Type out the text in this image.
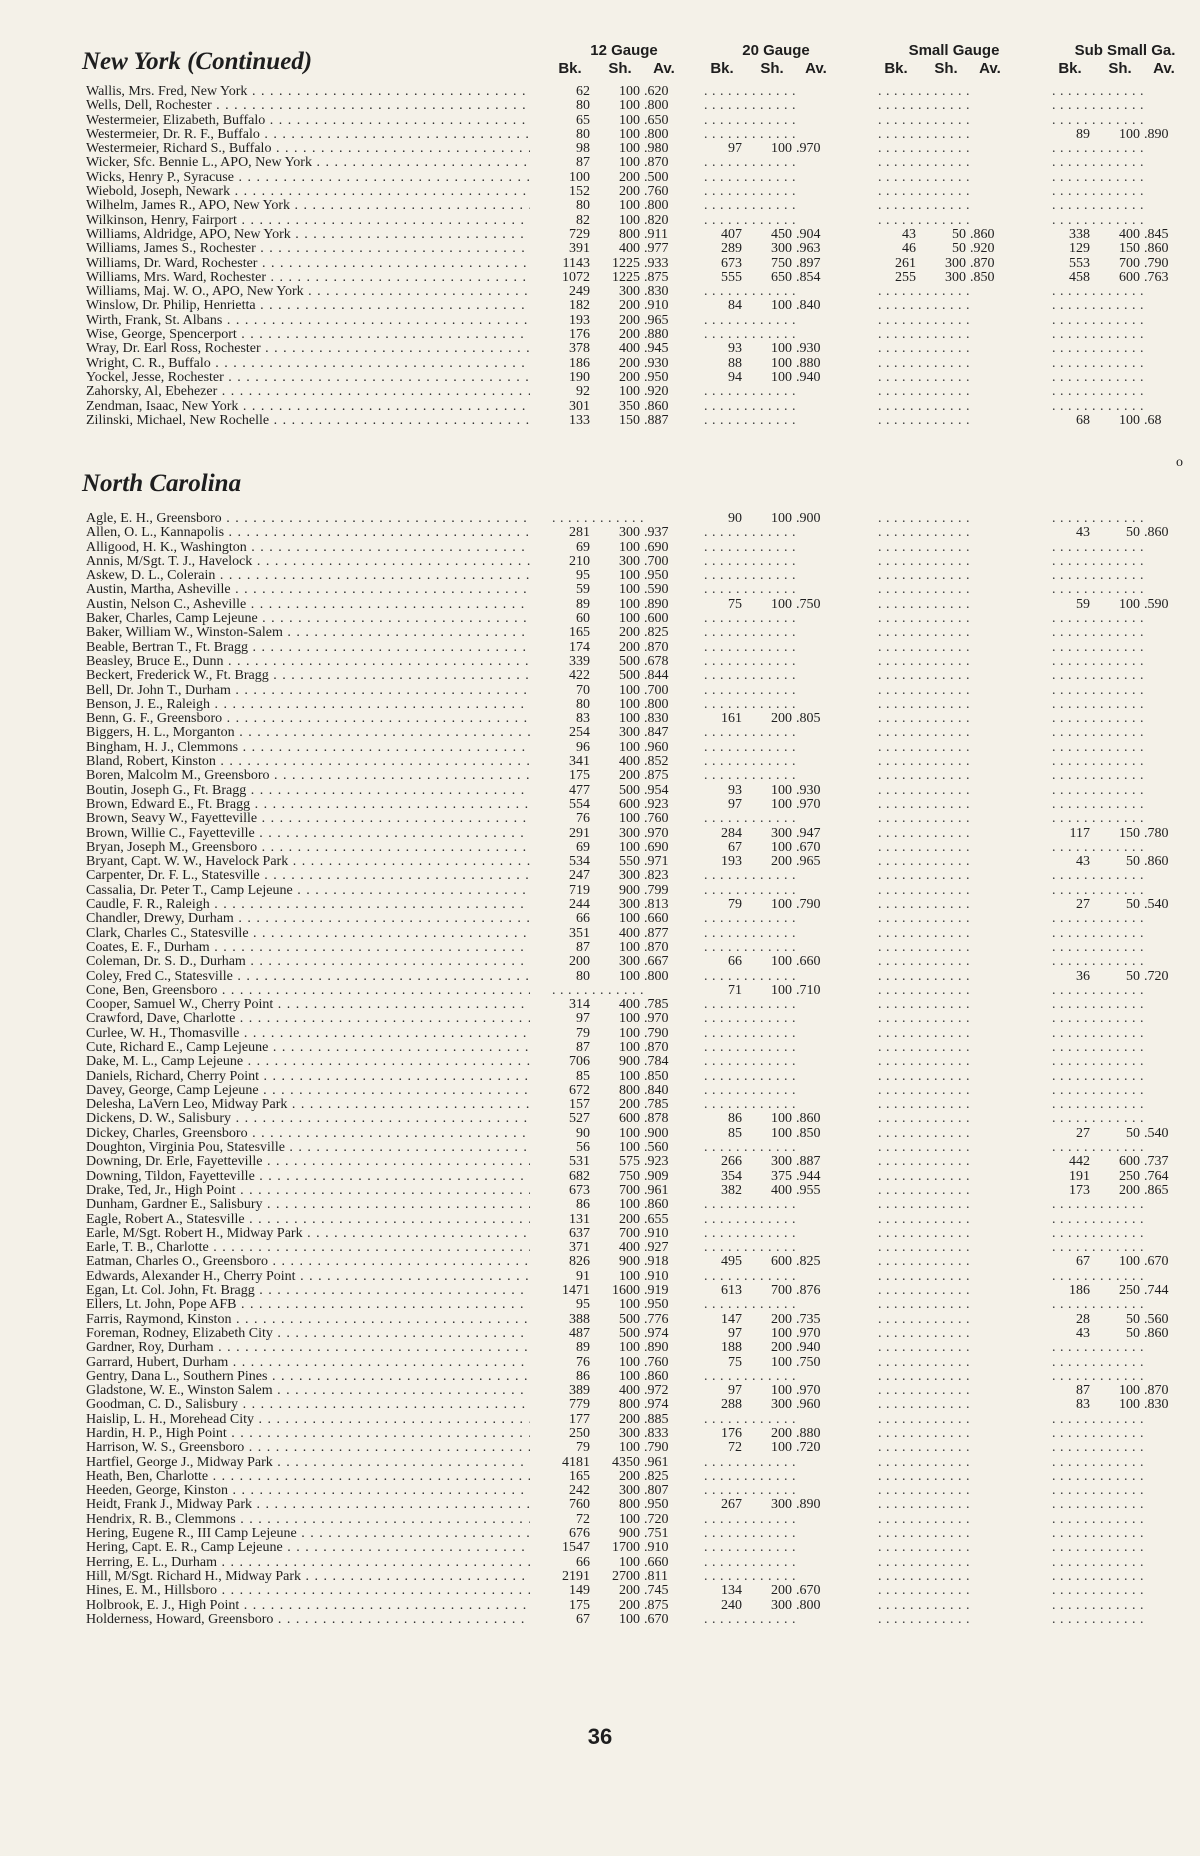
12 Gauge	20 Gauge	Small Gauge	Sub Small Ga.
Bk.	Sh.	Av.	Bk.	Sh.	Av.	Bk.	Sh.	Av.	Bk.	Sh.	Av.
New York (Continued)
Wallis, Mrs. Fred, New York . . .	62	100 .620	. . . . . . . . . . . .	. . . . . . . . . . . .	. . . . . . . . . . . .
Wells, Dell, Rochester . . .	80	100 .800	. . . . . . . . . . . .	. . . . . . . . . . . .	. . . . . . . . . . . .
Westermeier, Elizabeth, Buffalo . . .	65	100 .650	. . . . . . . . . . . .	. . . . . . . . . . . .	. . . . . . . . . . . .
Westermeier, Dr. R. F., Buffalo . . .	80	100 .800	. . . . . . . . . . . .	. . . . . . . . . . . .	89	100 .890
Westermeier, Richard S., Buffalo . . .	98	100 .980	97	100 .970	. . . . . . . . . . . .	. . . . . . . . . . . .
Wicker, Sfc. Bennie L., APO, New York . . .	87	100 .870	. . . . . . . . . . . .	. . . . . . . . . . . .	. . . . . . . . . . . .
Wicks, Henry P., Syracuse . . .	100	200 .500	. . . . . . . . . . . .	. . . . . . . . . . . .	. . . . . . . . . . . .
Wiebold, Joseph, Newark . . .	152	200 .760	. . . . . . . . . . . .	. . . . . . . . . . . .	. . . . . . . . . . . .
Wilhelm, James R., APO, New York . . .	80	100 .800	. . . . . . . . . . . .	. . . . . . . . . . . .	. . . . . . . . . . . .
Wilkinson, Henry, Fairport . . .	82	100 .820	. . . . . . . . . . . .	. . . . . . . . . . . .	. . . . . . . . . . . .
Williams, Aldridge, APO, New York . . .	729	800 .911	407	450 .904	43	50 .860	338	400 .845
Williams, James S., Rochester . . .	391	400 .977	289	300 .963	46	50 .920	129	150 .860
Williams, Dr. Ward, Rochester . . .	1143	1225 .933	673	750 .897	261	300 .870	553	700 .790
Williams, Mrs. Ward, Rochester . . .	1072	1225 .875	555	650 .854	255	300 .850	458	600 .763
Williams, Maj. W. O., APO, New York . . .	249	300 .830	. . . . . . . . . . . .	. . . . . . . . . . . .	. . . . . . . . . . . .
Winslow, Dr. Philip, Henrietta . . .	182	200 .910	84	100 .840	. . . . . . . . . . . .	. . . . . . . . . . . .
Wirth, Frank, St. Albans . . .	193	200 .965	. . . . . . . . . . . .	. . . . . . . . . . . .	. . . . . . . . . . . .
Wise, George, Spencerport . . .	176	200 .880	. . . . . . . . . . . .	. . . . . . . . . . . .	. . . . . . . . . . . .
Wray, Dr. Earl Ross, Rochester . . .	378	400 .945	93	100 .930	. . . . . . . . . . . .	. . . . . . . . . . . .
Wright, C. R., Buffalo . . .	186	200 .930	88	100 .880	. . . . . . . . . . . .	. . . . . . . . . . . .
Yockel, Jesse, Rochester . . .	190	200 .950	94	100 .940	. . . . . . . . . . . .	. . . . . . . . . . . .
Zahorsky, Al, Ebehezer . . .	92	100 .920	. . . . . . . . . . . .	. . . . . . . . . . . .	. . . . . . . . . . . .
Zendman, Isaac, New York . . .	301	350 .860	. . . . . . . . . . . .	. . . . . . . . . . . .	. . . . . . . . . . . .
Zilinski, Michael, New Rochelle . . .	133	150 .887	. . . . . . . . . . . .	. . . . . . . . . . . .	68	100 .68
North Carolina
Agle, E. H., Greensboro . . .	. . . . . . . . . . . .	90	100 .900	. . . . . . . . . . . .	. . . . . . . . . . . .
Allen, O. L., Kannapolis . . .	281	300 .937	. . . . . . . . . . . .	. . . . . . . . . . . .	43	50 .860
Alligood, H. K., Washington . . .	69	100 .690	. . . . . . . . . . . .	. . . . . . . . . . . .	. . . . . . . . . . . .
Annis, M/Sgt. T. J., Havelock . . .	210	300 .700	. . . . . . . . . . . .	. . . . . . . . . . . .	. . . . . . . . . . . .
Askew, D. L., Colerain . . .	95	100 .950	. . . . . . . . . . . .	. . . . . . . . . . . .	. . . . . . . . . . . .
Austin, Martha, Asheville . . .	59	100 .590	. . . . . . . . . . . .	. . . . . . . . . . . .	. . . . . . . . . . . .
Austin, Nelson C., Asheville . . .	89	100 .890	75	100 .750	. . . . . . . . . . . .	59	100 .590
Baker, Charles, Camp Lejeune . . .	60	100 .600	. . . . . . . . . . . .	. . . . . . . . . . . .	. . . . . . . . . . . .
Baker, William W., Winston-Salem . . .	165	200 .825	. . . . . . . . . . . .	. . . . . . . . . . . .	. . . . . . . . . . . .
Beable, Bertran T., Ft. Bragg . . .	174	200 .870	. . . . . . . . . . . .	. . . . . . . . . . . .	. . . . . . . . . . . .
Beasley, Bruce E., Dunn . . .	339	500 .678	. . . . . . . . . . . .	. . . . . . . . . . . .	. . . . . . . . . . . .
Beckert, Frederick W., Ft. Bragg . . .	422	500 .844	. . . . . . . . . . . .	. . . . . . . . . . . .	. . . . . . . . . . . .
Bell, Dr. John T., Durham . . .	70	100 .700	. . . . . . . . . . . .	. . . . . . . . . . . .	. . . . . . . . . . . .
Benson, J. E., Raleigh . . .	80	100 .800	. . . . . . . . . . . .	. . . . . . . . . . . .	. . . . . . . . . . . .
Benn, G. F., Greensboro . . .	83	100 .830	161	200 .805	. . . . . . . . . . . .	. . . . . . . . . . . .
Biggers, H. L., Morganton . . .	254	300 .847	. . . . . . . . . . . .	. . . . . . . . . . . .	. . . . . . . . . . . .
Bingham, H. J., Clemmons . . .	96	100 .960	. . . . . . . . . . . .	. . . . . . . . . . . .	. . . . . . . . . . . .
Bland, Robert, Kinston . . .	341	400 .852	. . . . . . . . . . . .	. . . . . . . . . . . .	. . . . . . . . . . . .
Boren, Malcolm M., Greensboro . . .	175	200 .875	. . . . . . . . . . . .	. . . . . . . . . . . .	. . . . . . . . . . . .
Boutin, Joseph G., Ft. Bragg . . .	477	500 .954	93	100 .930	. . . . . . . . . . . .	. . . . . . . . . . . .
Brown, Edward E., Ft. Bragg . . .	554	600 .923	97	100 .970	. . . . . . . . . . . .	. . . . . . . . . . . .
Brown, Seavy W., Fayetteville . . .	76	100 .760	. . . . . . . . . . . .	. . . . . . . . . . . .	. . . . . . . . . . . .
Brown, Willie C., Fayetteville . . .	291	300 .970	284	300 .947	. . . . . . . . . . . .	117	150 .780
Bryan, Joseph M., Greensboro . . .	69	100 .690	67	100 .670	. . . . . . . . . . . .	. . . . . . . . . . . .
Bryant, Capt. W. W., Havelock Park . . .	534	550 .971	193	200 .965	. . . . . . . . . . . .	43	50 .860
Carpenter, Dr. F. L., Statesville . . .	247	300 .823	. . . . . . . . . . . .	. . . . . . . . . . . .	. . . . . . . . . . . .
Cassalia, Dr. Peter T., Camp Lejeune . . .	719	900 .799	. . . . . . . . . . . .	. . . . . . . . . . . .	. . . . . . . . . . . .
Caudle, F. R., Raleigh . . .	244	300 .813	79	100 .790	. . . . . . . . . . . .	27	50 .540
Chandler, Drewy, Durham . . .	66	100 .660	. . . . . . . . . . . .	. . . . . . . . . . . .	. . . . . . . . . . . .
Clark, Charles C., Statesville . . .	351	400 .877	. . . . . . . . . . . .	. . . . . . . . . . . .	. . . . . . . . . . . .
Coates, E. F., Durham . . .	87	100 .870	. . . . . . . . . . . .	. . . . . . . . . . . .	. . . . . . . . . . . .
Coleman, Dr. S. D., Durham . . .	200	300 .667	66	100 .660	. . . . . . . . . . . .	. . . . . . . . . . . .
Coley, Fred C., Statesville . . .	80	100 .800	. . . . . . . . . . . .	. . . . . . . . . . . .	36	50 .720
Cone, Ben, Greensboro . . .	. . . . . . . . . . . .	71	100 .710	. . . . . . . . . . . .	. . . . . . . . . . . .
Cooper, Samuel W., Cherry Point . . .	314	400 .785	. . . . . . . . . . . .	. . . . . . . . . . . .	. . . . . . . . . . . .
Crawford, Dave, Charlotte . . .	97	100 .970	. . . . . . . . . . . .	. . . . . . . . . . . .	. . . . . . . . . . . .
Curlee, W. H., Thomasville . . .	79	100 .790	. . . . . . . . . . . .	. . . . . . . . . . . .	. . . . . . . . . . . .
Cute, Richard E., Camp Lejeune . . .	87	100 .870	. . . . . . . . . . . .	. . . . . . . . . . . .	. . . . . . . . . . . .
Dake, M. L., Camp Lejeune . . .	706	900 .784	. . . . . . . . . . . .	. . . . . . . . . . . .	. . . . . . . . . . . .
Daniels, Richard, Cherry Point . . .	85	100 .850	. . . . . . . . . . . .	. . . . . . . . . . . .	. . . . . . . . . . . .
Davey, George, Camp Lejeune . . .	672	800 .840	. . . . . . . . . . . .	. . . . . . . . . . . .	. . . . . . . . . . . .
Delesha, LaVern Leo, Midway Park . . .	157	200 .785	. . . . . . . . . . . .	. . . . . . . . . . . .	. . . . . . . . . . . .
Dickens, D. W., Salisbury . . .	527	600 .878	86	100 .860	. . . . . . . . . . . .	. . . . . . . . . . . .
Dickey, Charles, Greensboro . . .	90	100 .900	85	100 .850	. . . . . . . . . . . .	27	50 .540
Doughton, Virginia Pou, Statesville . . .	56	100 .560	. . . . . . . . . . . .	. . . . . . . . . . . .	. . . . . . . . . . . .
Downing, Dr. Erle, Fayetteville . . .	531	575 .923	266	300 .887	. . . . . . . . . . . .	442	600 .737
Downing, Tildon, Fayetteville . . .	682	750 .909	354	375 .944	. . . . . . . . . . . .	191	250 .764
Drake, Ted, Jr., High Point . . .	673	700 .961	382	400 .955	. . . . . . . . . . . .	173	200 .865
Dunham, Gardner E., Salisbury . . .	86	100 .860	. . . . . . . . . . . .	. . . . . . . . . . . .	. . . . . . . . . . . .
Eagle, Robert A., Statesville . . .	131	200 .655	. . . . . . . . . . . .	. . . . . . . . . . . .	. . . . . . . . . . . .
Earle, M/Sgt. Robert H., Midway Park . . .	637	700 .910	. . . . . . . . . . . .	. . . . . . . . . . . .	. . . . . . . . . . . .
Earle, T. B., Charlotte . . .	371	400 .927	. . . . . . . . . . . .	. . . . . . . . . . . .	. . . . . . . . . . . .
Eatman, Charles O., Greensboro . . .	826	900 .918	495	600 .825	. . . . . . . . . . . .	67	100 .670
Edwards, Alexander H., Cherry Point . . .	91	100 .910	. . . . . . . . . . . .	. . . . . . . . . . . .	. . . . . . . . . . . .
Egan, Lt. Col. John, Ft. Bragg . . .	1471	1600 .919	613	700 .876	. . . . . . . . . . . .	186	250 .744
Ellers, Lt. John, Pope AFB . . .	95	100 .950	. . . . . . . . . . . .	. . . . . . . . . . . .	. . . . . . . . . . . .
Farris, Raymond, Kinston . . .	388	500 .776	147	200 .735	. . . . . . . . . . . .	28	50 .560
Foreman, Rodney, Elizabeth City . . .	487	500 .974	97	100 .970	. . . . . . . . . . . .	43	50 .860
Gardner, Roy, Durham . . .	89	100 .890	188	200 .940	. . . . . . . . . . . .	. . . . . . . . . . . .
Garrard, Hubert, Durham . . .	76	100 .760	75	100 .750	. . . . . . . . . . . .	. . . . . . . . . . . .
Gentry, Dana L., Southern Pines . . .	86	100 .860	. . . . . . . . . . . .	. . . . . . . . . . . .	. . . . . . . . . . . .
Gladstone, W. E., Winston Salem . . .	389	400 .972	97	100 .970	. . . . . . . . . . . .	87	100 .870
Goodman, C. D., Salisbury . . .	779	800 .974	288	300 .960	. . . . . . . . . . . .	83	100 .830
Haislip, L. H., Morehead City . . .	177	200 .885	. . . . . . . . . . . .	. . . . . . . . . . . .	. . . . . . . . . . . .
Hardin, H. P., High Point . . .	250	300 .833	176	200 .880	. . . . . . . . . . . .	. . . . . . . . . . . .
Harrison, W. S., Greensboro . . .	79	100 .790	72	100 .720	. . . . . . . . . . . .	. . . . . . . . . . . .
Hartfiel, George J., Midway Park . . .	4181	4350 .961	. . . . . . . . . . . .	. . . . . . . . . . . .	. . . . . . . . . . . .
Heath, Ben, Charlotte . . .	165	200 .825	. . . . . . . . . . . .	. . . . . . . . . . . .	. . . . . . . . . . . .
Heeden, George, Kinston . . .	242	300 .807	. . . . . . . . . . . .	. . . . . . . . . . . .	. . . . . . . . . . . .
Heidt, Frank J., Midway Park . . .	760	800 .950	267	300 .890	. . . . . . . . . . . .	. . . . . . . . . . . .
Hendrix, R. B., Clemmons . . .	72	100 .720	. . . . . . . . . . . .	. . . . . . . . . . . .	. . . . . . . . . . . .
Hering, Eugene R., III Camp Lejeune . . .	676	900 .751	. . . . . . . . . . . .	. . . . . . . . . . . .	. . . . . . . . . . . .
Hering, Capt. E. R., Camp Lejeune . . .	1547	1700 .910	. . . . . . . . . . . .	. . . . . . . . . . . .	. . . . . . . . . . . .
Herring, E. L., Durham . . .	66	100 .660	. . . . . . . . . . . .	. . . . . . . . . . . .	. . . . . . . . . . . .
Hill, M/Sgt. Richard H., Midway Park . . .	2191	2700 .811	. . . . . . . . . . . .	. . . . . . . . . . . .	. . . . . . . . . . . .
Hines, E. M., Hillsboro . . .	149	200 .745	134	200 .670	. . . . . . . . . . . .	. . . . . . . . . . . .
Holbrook, E. J., High Point . . .	175	200 .875	240	300 .800	. . . . . . . . . . . .	. . . . . . . . . . . .
Holderness, Howard, Greensboro . . .	67	100 .670	. . . . . . . . . . . .	. . . . . . . . . . . .	. . . . . . . . . . . .
o
36
